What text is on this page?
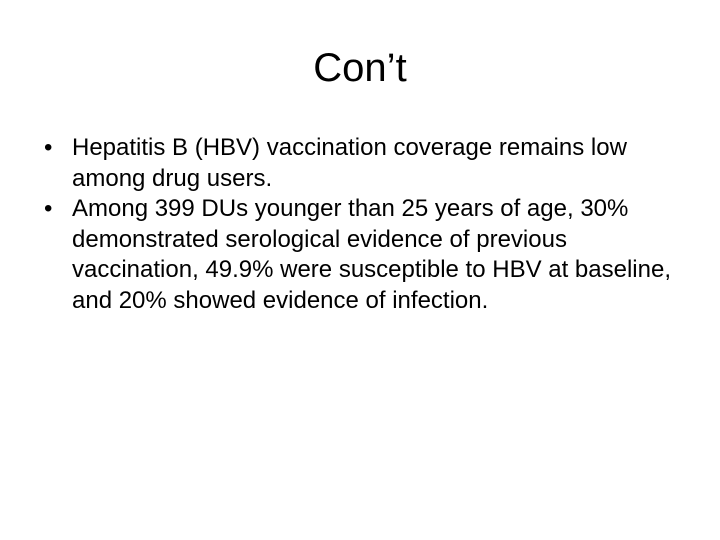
Con’t
• Hepatitis B (HBV) vaccination coverage remains low among drug users.
• Among 399 DUs younger than 25 years of age, 30% demonstrated serological evidence of previous vaccination, 49.9% were susceptible to HBV at baseline, and 20% showed evidence of infection.
